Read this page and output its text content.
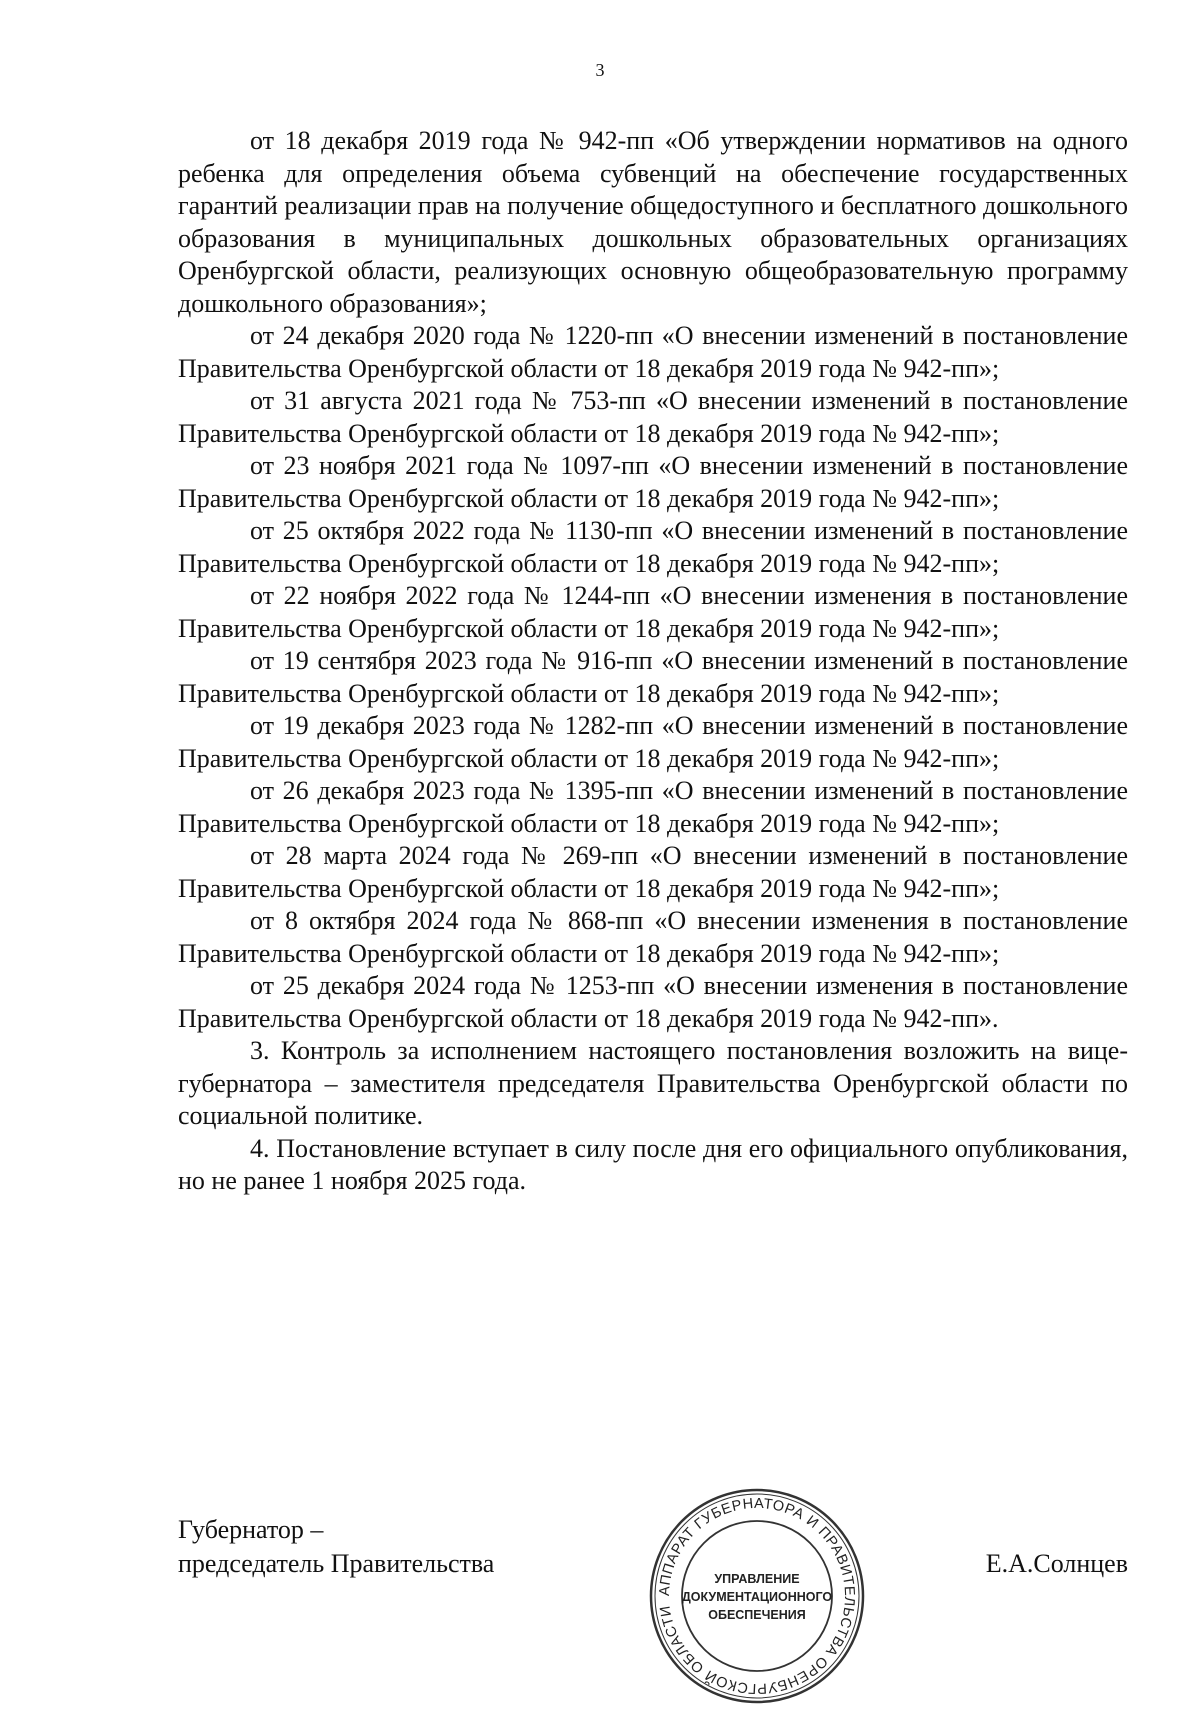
3

от 18 декабря 2019 года № 942-пп «Об утверждении нормативов на одного ребенка для определения объема субвенций на обеспечение государственных гарантий реализации прав на получение общедоступного и бесплатного дошкольного образования в муниципальных дошкольных образовательных организациях Оренбургской области, реализующих основную общеобразовательную программу дошкольного образования»;

от 24 декабря 2020 года № 1220-пп «О внесении изменений в постановление Правительства Оренбургской области от 18 декабря 2019 года № 942-пп»;

от 31 августа 2021 года № 753-пп «О внесении изменений в постановление Правительства Оренбургской области от 18 декабря 2019 года № 942-пп»;

от 23 ноября 2021 года № 1097-пп «О внесении изменений в постановление Правительства Оренбургской области от 18 декабря 2019 года № 942-пп»;

от 25 октября 2022 года № 1130-пп «О внесении изменений в постановление Правительства Оренбургской области от 18 декабря 2019 года № 942-пп»;

от 22 ноября 2022 года № 1244-пп «О внесении изменения в постановление Правительства Оренбургской области от 18 декабря 2019 года № 942-пп»;

от 19 сентября 2023 года № 916-пп «О внесении изменений в постановление Правительства Оренбургской области от 18 декабря 2019 года № 942-пп»;

от 19 декабря 2023 года № 1282-пп «О внесении изменений в постановление Правительства Оренбургской области от 18 декабря 2019 года № 942-пп»;

от 26 декабря 2023 года № 1395-пп «О внесении изменений в постановление Правительства Оренбургской области от 18 декабря 2019 года № 942-пп»;

от 28 марта 2024 года № 269-пп «О внесении изменений в постановление Правительства Оренбургской области от 18 декабря 2019 года № 942-пп»;

от 8 октября 2024 года № 868-пп «О внесении изменения в постановление Правительства Оренбургской области от 18 декабря 2019 года № 942-пп»;

от 25 декабря 2024 года № 1253-пп «О внесении изменения в постановление Правительства Оренбургской области от 18 декабря 2019 года № 942-пп».

3. Контроль за исполнением настоящего постановления возложить на вице-губернатора – заместителя председателя Правительства Оренбургской области по социальной политике.

4. Постановление вступает в силу после дня его официального опубликования, но не ранее 1 ноября 2025 года.

Губернатор –
председатель Правительства
АППАРАТ ГУБЕРНАТОРА И ПРАВИТЕЛЬСТВА ОРЕНБУРГСКОЙ ОБЛАСТИ
УПРАВЛЕНИЕ
ДОКУМЕНТАЦИОННОГО
ОБЕСПЕЧЕНИЯ
Е.А.Солнцев
